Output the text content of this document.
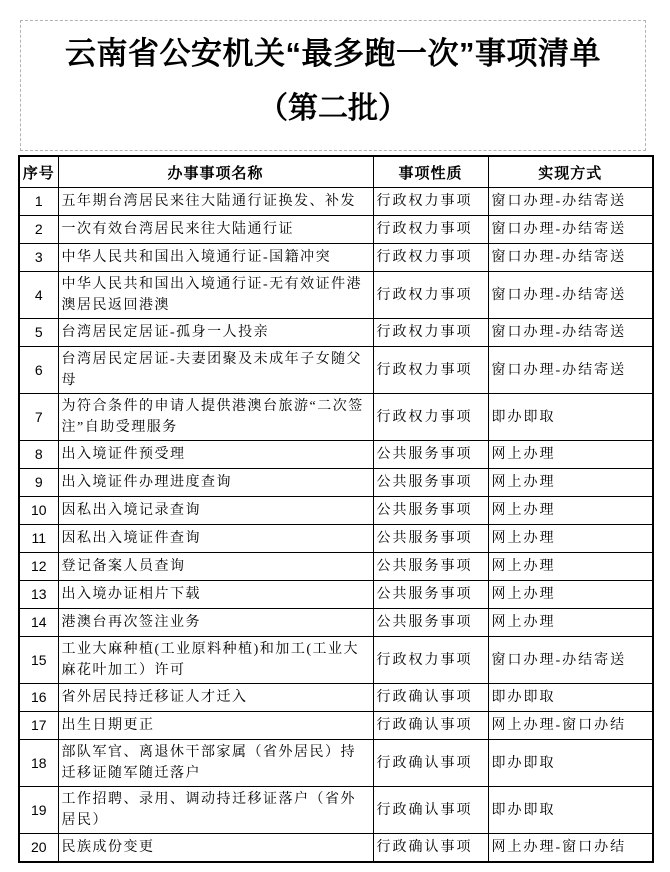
云南省公安机关“最多跑一次”事项清单
（第二批）
序号	办事事项名称	事项性质	实现方式
1	五年期台湾居民来往大陆通行证换发、补发	行政权力事项	窗口办理-办结寄送
2	一次有效台湾居民来往大陆通行证	行政权力事项	窗口办理-办结寄送
3	中华人民共和国出入境通行证-国籍冲突	行政权力事项	窗口办理-办结寄送
4	中华人民共和国出入境通行证-无有效证件港澳居民返回港澳	行政权力事项	窗口办理-办结寄送
5	台湾居民定居证-孤身一人投亲	行政权力事项	窗口办理-办结寄送
6	台湾居民定居证-夫妻团聚及未成年子女随父母	行政权力事项	窗口办理-办结寄送
7	为符合条件的申请人提供港澳台旅游“二次签注”自助受理服务	行政权力事项	即办即取
8	出入境证件预受理	公共服务事项	网上办理
9	出入境证件办理进度查询	公共服务事项	网上办理
10	因私出入境记录查询	公共服务事项	网上办理
11	因私出入境证件查询	公共服务事项	网上办理
12	登记备案人员查询	公共服务事项	网上办理
13	出入境办证相片下载	公共服务事项	网上办理
14	港澳台再次签注业务	公共服务事项	网上办理
15	工业大麻种植(工业原料种植)和加工(工业大麻花叶加工）许可	行政权力事项	窗口办理-办结寄送
16	省外居民持迁移证人才迁入	行政确认事项	即办即取
17	出生日期更正	行政确认事项	网上办理-窗口办结
18	部队军官、离退休干部家属（省外居民）持迁移证随军随迁落户	行政确认事项	即办即取
19	工作招聘、录用、调动持迁移证落户（省外居民）	行政确认事项	即办即取
20	民族成份变更	行政确认事项	网上办理-窗口办结
